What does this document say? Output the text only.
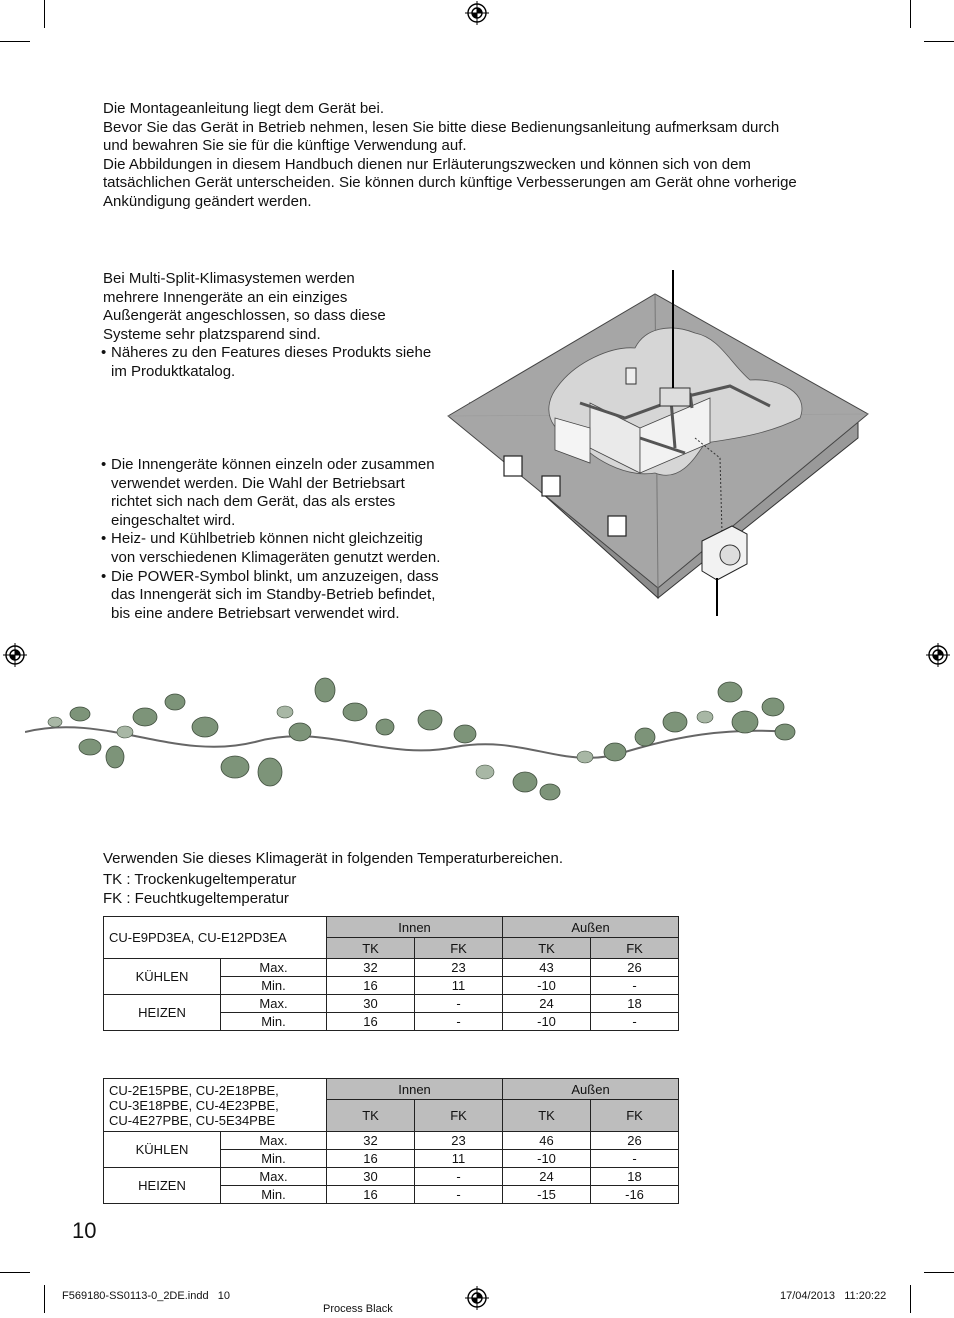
Die Montageanleitung liegt dem Gerät bei.
Bevor Sie das Gerät in Betrieb nehmen, lesen Sie bitte diese Bedienungsanleitung aufmerksam durch
und bewahren Sie sie für die künftige Verwendung auf.
Die Abbildungen in diesem Handbuch dienen nur Erläuterungszwecken und können sich von dem
tatsächlichen Gerät unterscheiden. Sie können durch künftige Verbesserungen am Gerät ohne vorherige
Ankündigung geändert werden.
Bei Multi-Split-Klimasystemen werden
mehrere Innengeräte an ein einziges
Außengerät angeschlossen, so dass diese
Systeme sehr platzsparend sind.
• Näheres zu den Features dieses Produkts siehe im Produktkatalog.
• Die Innengeräte können einzeln oder zusammen verwendet werden. Die Wahl der Betriebsart richtet sich nach dem Gerät, das als erstes eingeschaltet wird.
• Heiz- und Kühlbetrieb können nicht gleichzeitig von verschiedenen Klimageräten genutzt werden.
• Die POWER-Symbol blinkt, um anzuzeigen, dass das Innengerät sich im Standby-Betrieb befindet, bis eine andere Betriebsart verwendet wird.
Verwenden Sie dieses Klimagerät in folgenden Temperaturbereichen.
TK : Trockenkugeltemperatur
FK : Feuchtkugeltemperatur
CU-E9PD3EA, CU-E12PD3EA		Innen		Außen	
		TK	FK	TK	FK
KÜHLEN	Max.	32	23	43	26
	Min.	16	11	-10	-
HEIZEN	Max.	30	-	24	18
	Min.	16	-	-10	-
CU-2E15PBE, CU-2E18PBE,
CU-3E18PBE, CU-4E23PBE,
CU-4E27PBE, CU-5E34PBE		Innen		Außen	
		TK	FK	TK	FK
KÜHLEN	Max.	32	23	46	26
	Min.	16	11	-10	-
HEIZEN	Max.	30	-	24	18
	Min.	16	-	-15	-16
10
F569180-SS0113-0_2DE.indd   10
Process Black
17/04/2013   11:20:22
